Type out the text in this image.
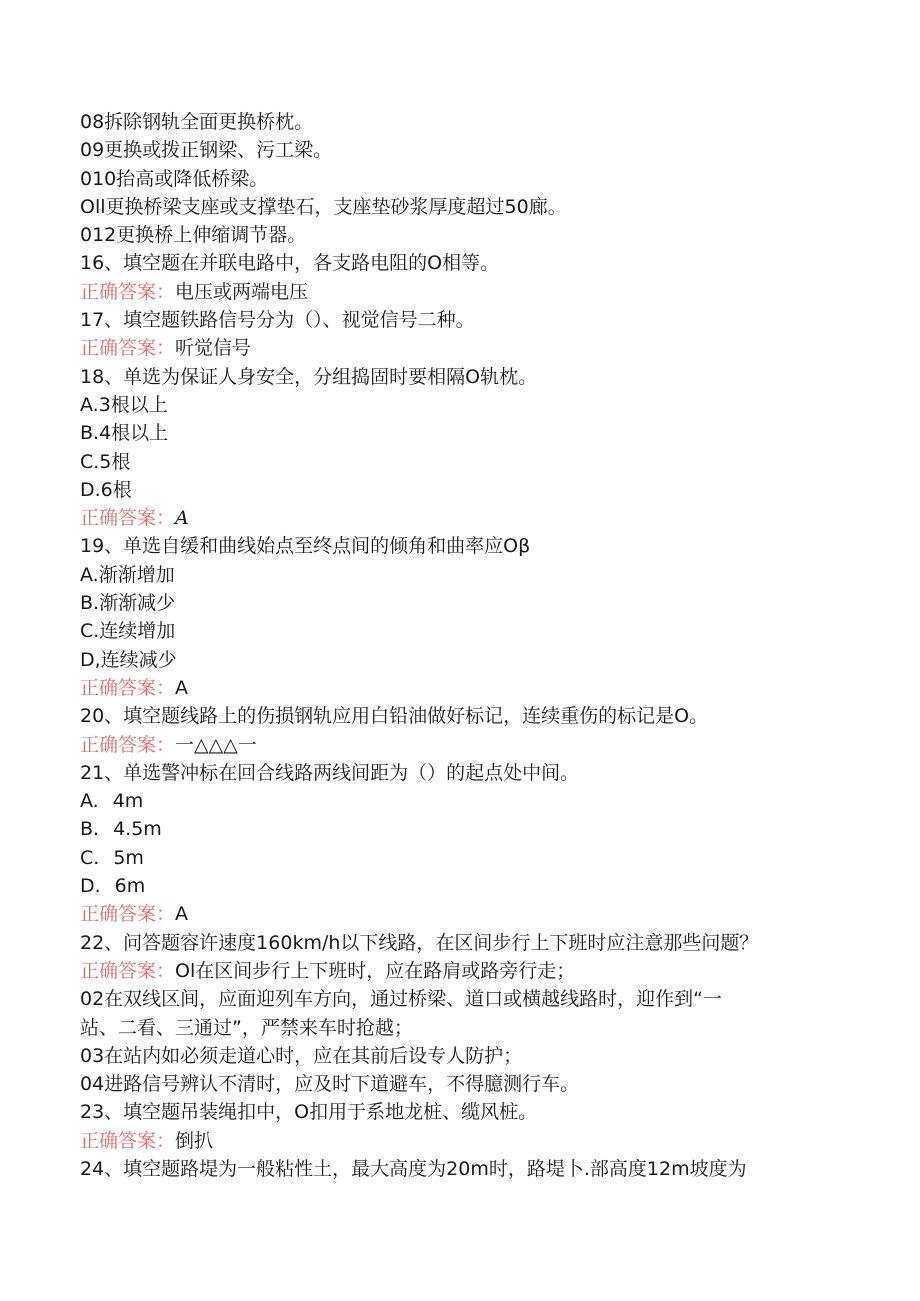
08拆除钢轨全面更换桥枕。
09更换或拨正钢梁、污工梁。
010抬高或降低桥梁。
Oll更换桥梁支座或支撑垫石，支座垫砂浆厚度超过50廊。
012更换桥上伸缩调节器。
16、填空题在并联电路中，各支路电阻的O相等。
正确答案：电压或两端电压
17、填空题铁路信号分为（）、视觉信号二种。
正确答案：听觉信号
18、单选为保证人身安全，分组捣固时要相隔O轨枕。
A.3根以上
B.4根以上
C.5根
D.6根
正确答案：A
19、单选自缓和曲线始点至终点间的倾角和曲率应Oβ
A.渐渐增加
B.渐渐减少
C.连续增加
D,连续减少
正确答案：A
20、填空题线路上的伤损钢轨应用白铅油做好标记，连续重伤的标记是O。
正确答案：一△△△一
21、单选警冲标在回合线路两线间距为（）的起点处中间。
A. 4m
B. 4.5m
C. 5m
D. 6m
正确答案：A
22、问答题容许速度160km∕h以下线路，在区间步行上下班时应注意那些问题？
正确答案：Ol在区间步行上下班时，应在路肩或路旁行走；
02在双线区间，应面迎列车方向，通过桥梁、道口或横越线路时，迎作到“一
站、二看、三通过”，严禁来车时抢越；
03在站内如必须走道心时，应在其前后设专人防护；
04进路信号辨认不清时，应及时下道避车，不得臆测行车。
23、填空题吊装绳扣中，O扣用于系地龙桩、缆风桩。
正确答案：倒扒
24、填空题路堤为一般粘性土，最大高度为20m时，路堤卜.部高度12m坡度为
